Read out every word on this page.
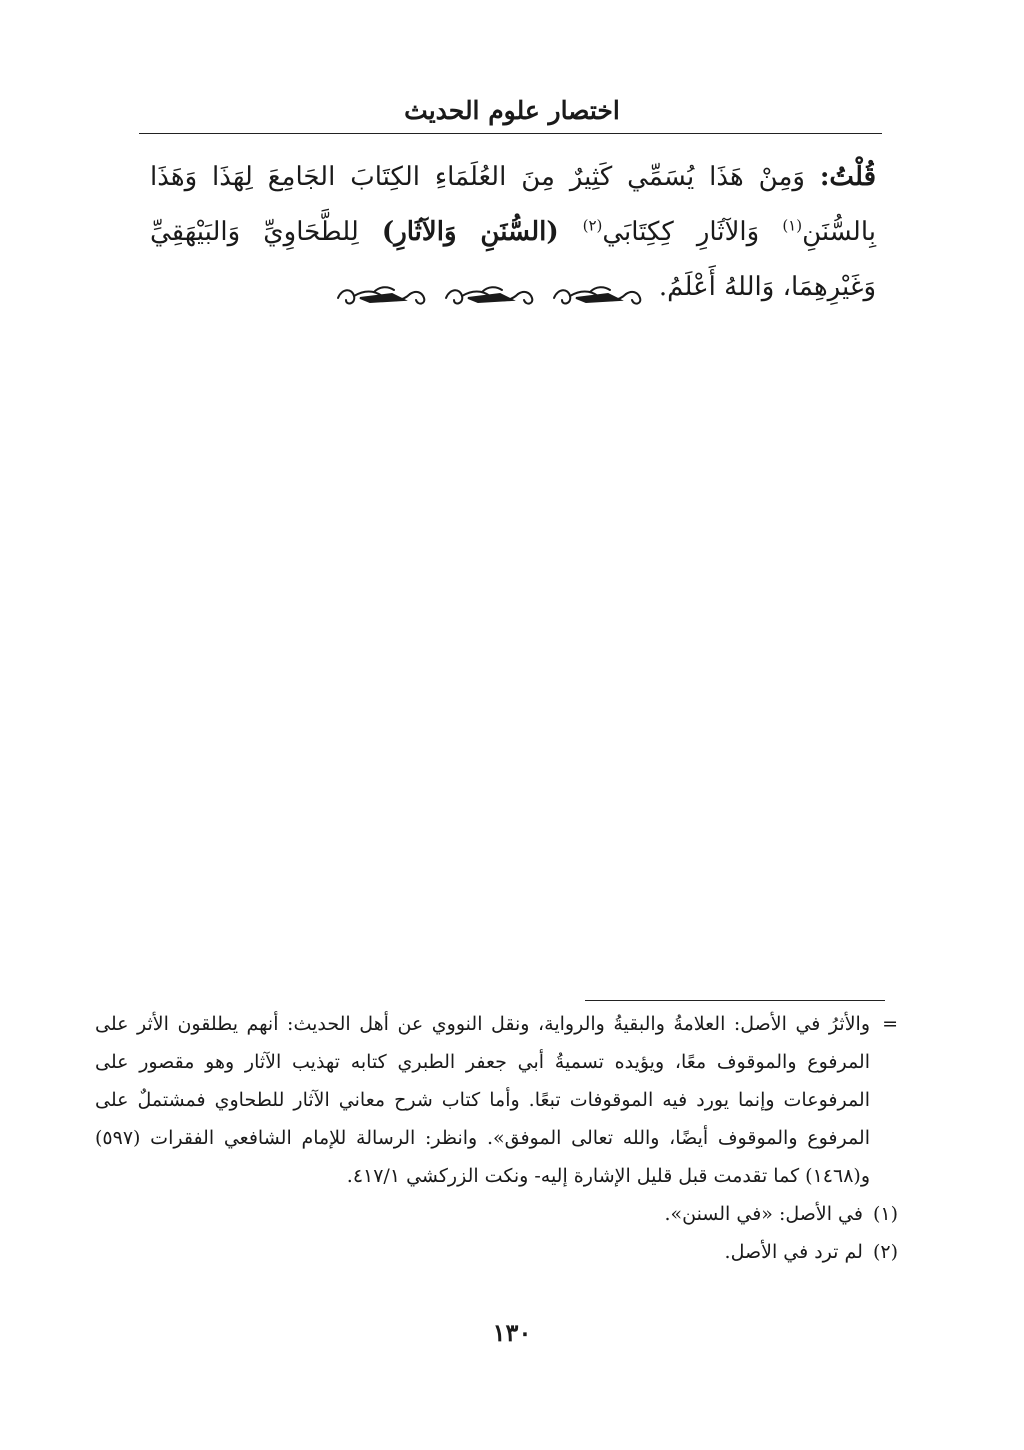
اختصار علوم الحديث
قُلْتُ: وَمِنْ هَذَا يُسَمِّي كَثِيرٌ مِنَ العُلَمَاءِ الكِتَابَ الجَامِعَ لِهَذَا وَهَذَا بِالسُّنَنِ$^{(١)}$ وَالآثَارِ كِكِتَابَي$^{(٢)}$ (السُّنَنِ وَالآثَارِ) لِلطَّحَاوِيِّ وَالبَيْهَقِيِّ وَغَيْرِهِمَا، وَاللهُ أَعْلَمُ.
=
والأثرُ في الأصل: العلامةُ والبقيةُ والرواية، ونقل النووي عن أهل الحديث: أنهم يطلقون الأثر على المرفوع والموقوف معًا، ويؤيده تسميةُ أبي جعفر الطبري كتابه تهذيب الآثار وهو مقصور على المرفوعات وإنما يورد فيه الموقوفات تبعًا. وأما كتاب شرح معاني الآثار للطحاوي فمشتملٌ على المرفوع والموقوف أيضًا، والله تعالى الموفق». وانظر: الرسالة للإمام الشافعي الفقرات (٥٩٧) و(١٤٦٨) كما تقدمت قبل قليل الإشارة إليه- ونكت الزركشي ٤١٧/١.
(١)
في الأصل: «في السنن».
(٢)
لم ترد في الأصل.
١٣٠
